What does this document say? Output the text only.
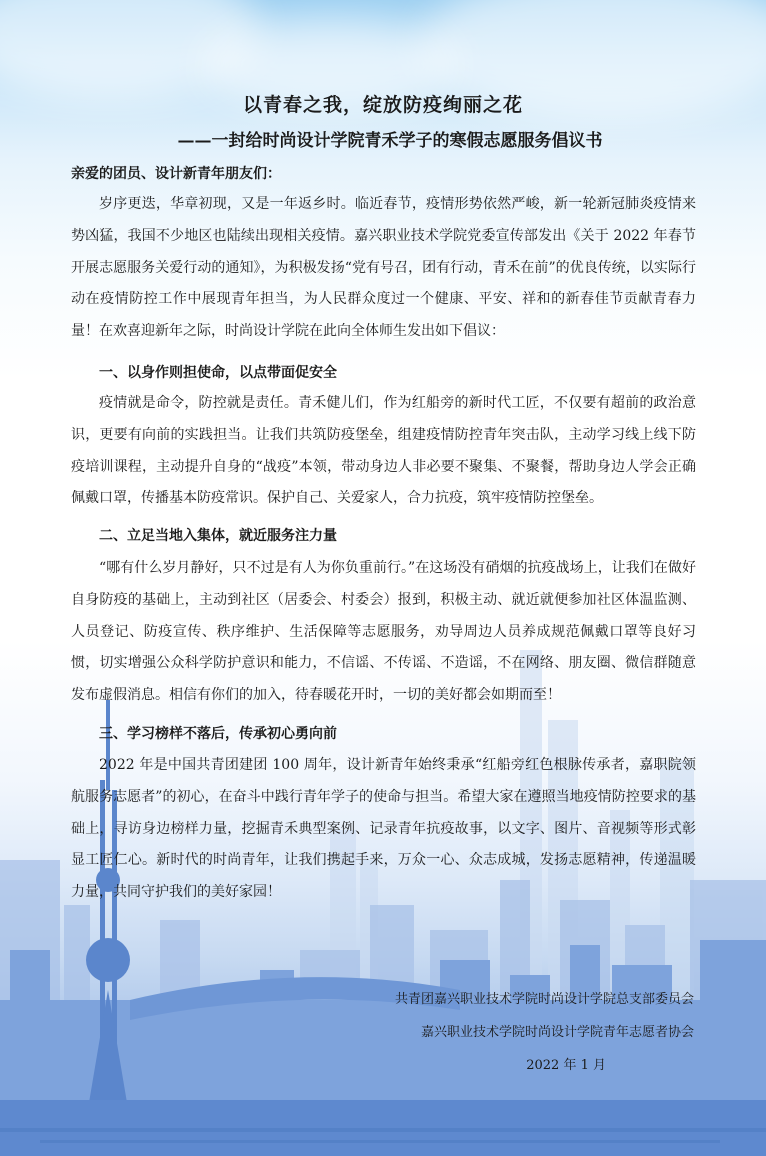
以青春之我，绽放防疫绚丽之花
——一封给时尚设计学院青禾学子的寒假志愿服务倡议书
亲爱的团员、设计新青年朋友们：

岁序更迭，华章初现，又是一年返乡时。临近春节，疫情形势依然严峻，新一轮新冠肺炎疫情来势凶猛，我国不少地区也陆续出现相关疫情。嘉兴职业技术学院党委宣传部发出《关于 2022 年春节开展志愿服务关爱行动的通知》，为积极发扬“党有号召，团有行动，青禾在前”的优良传统，以实际行动在疫情防控工作中展现青年担当，为人民群众度过一个健康、平安、祥和的新春佳节贡献青春力量！在欢喜迎新年之际，时尚设计学院在此向全体师生发出如下倡议：

一、以身作则担使命，以点带面促安全

疫情就是命令，防控就是责任。青禾健儿们，作为红船旁的新时代工匠，不仅要有超前的政治意识，更要有向前的实践担当。让我们共筑防疫堡垒，组建疫情防控青年突击队，主动学习线上线下防疫培训课程，主动提升自身的“战疫”本领，带动身边人非必要不聚集、不聚餐，帮助身边人学会正确佩戴口罩，传播基本防疫常识。保护自己、关爱家人，合力抗疫，筑牢疫情防控堡垒。

二、立足当地入集体，就近服务注力量

“哪有什么岁月静好，只不过是有人为你负重前行。”在这场没有硝烟的抗疫战场上，让我们在做好自身防疫的基础上，主动到社区（居委会、村委会）报到，积极主动、就近就便参加社区体温监测、人员登记、防疫宣传、秩序维护、生活保障等志愿服务，劝导周边人员养成规范佩戴口罩等良好习惯，切实增强公众科学防护意识和能力，不信谣、不传谣、不造谣，不在网络、朋友圈、微信群随意发布虚假消息。相信有你们的加入，待春暖花开时，一切的美好都会如期而至！

三、学习榜样不落后，传承初心勇向前

2022 年是中国共青团建团 100 周年，设计新青年始终秉承“红船旁红色根脉传承者，嘉职院领航服务志愿者”的初心，在奋斗中践行青年学子的使命与担当。希望大家在遵照当地疫情防控要求的基础上，寻访身边榜样力量，挖掘青禾典型案例、记录青年抗疫故事，以文字、图片、音视频等形式彰显工匠仁心。新时代的时尚青年，让我们携起手来，万众一心、众志成城，发扬志愿精神，传递温暖力量，共同守护我们的美好家园！

共青团嘉兴职业技术学院时尚设计学院总支部委员会
嘉兴职业技术学院时尚设计学院青年志愿者协会
2022 年 1 月
